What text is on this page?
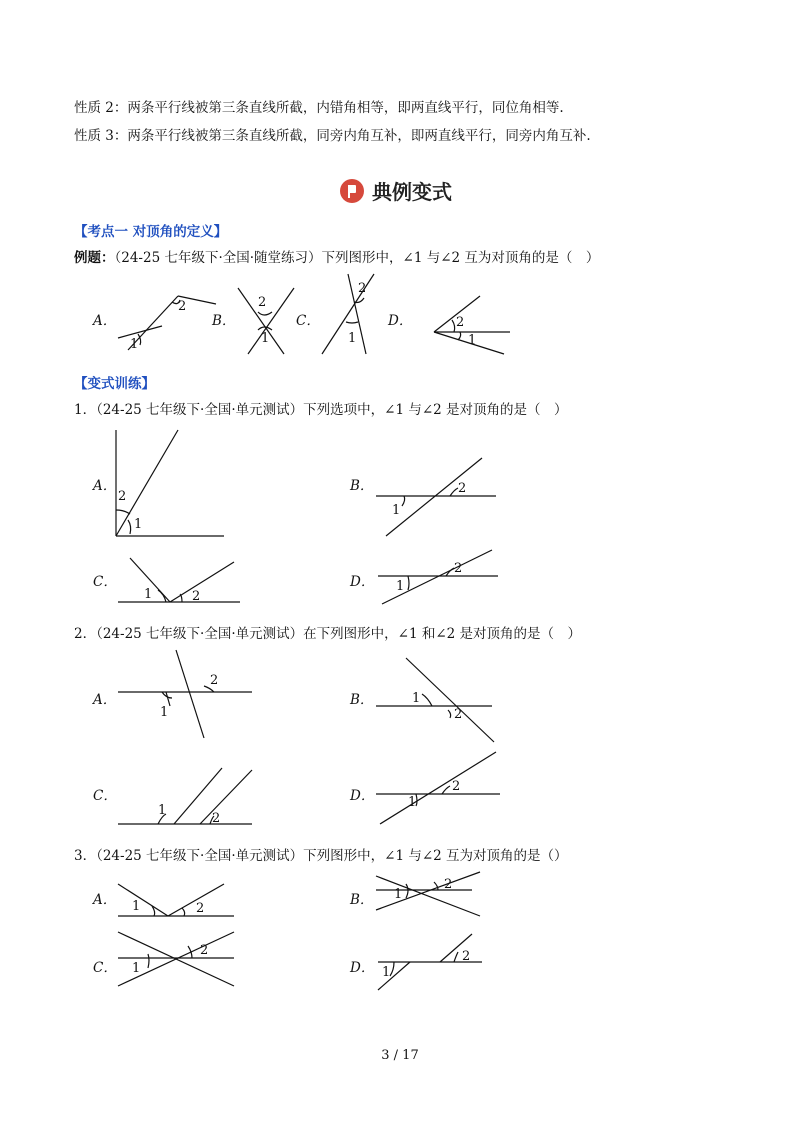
性质 2：两条平行线被第三条直线所截，内错角相等，即两直线平行，同位角相等.
性质 3：两条平行线被第三条直线所截，同旁内角互补，即两直线平行，同旁内角互补.
典例变式
【考点一 对顶角的定义】
例题：（24-25 七年级下·全国·随堂练习）下列图形中，∠1 与∠2 互为对顶角的是（　）
A．
1
2
B．
2
1
C．
2
1
D．	2
1
【变式训练】
1．（24-25 七年级下·全国·单元测试）下列选项中，∠1 与∠2 是对顶角的是（　）
A．
2
1
B．
1
2
C．
1	2
D． 1
2
2．（24-25 七年级下·全国·单元测试）在下列图形中，∠1 和∠2 是对顶角的是（　）
A．
1
2
B．	1
2
C．
1
2
D．	1
2
3．（24-25 七年级下·全国·单元测试）下列图形中，∠1 与∠2 互为对顶角的是（）
A． 1	2
B． 1
2
C． 1
2
D． 1
2
3 / 17
